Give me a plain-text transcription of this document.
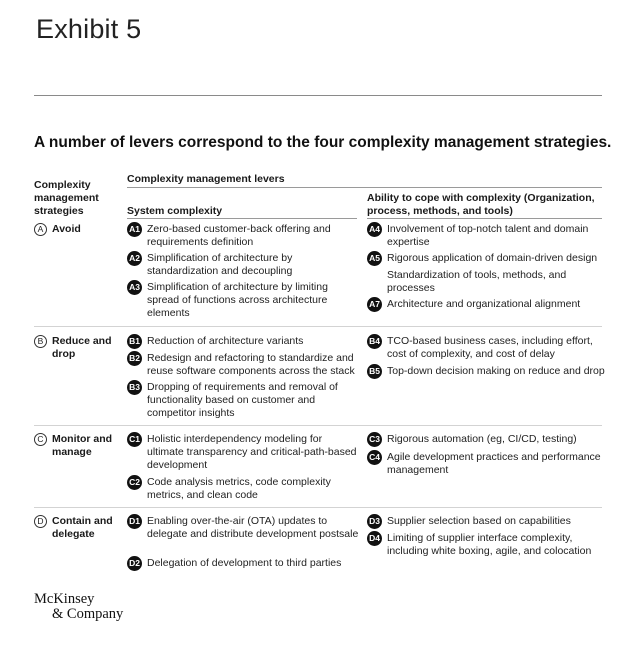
Exhibit 5
A number of levers correspond to the four complexity management strategies.
Complexity management strategies
Complexity management levers
System complexity
Ability to cope with complexity (Organization, process, methods, and tools)
A Avoid	A1 Zero-based customer-back offering and requirements definition
A2 Simplification of architecture by standardization and decoupling
A3 Simplification of architecture by limiting spread of functions across architecture elements
A4 Involvement of top-notch talent and domain expertise
A5 Rigorous application of domain-driven design
Standardization of tools, methods, and processes
A7 Architecture and organizational alignment
B Reduce and drop
B1 Reduction of architecture variants
B2 Redesign and refactoring to standardize and reuse software components across the stack
B3 Dropping of requirements and removal of functionality based on customer and competitor insights
B4 TCO-based business cases, including effort, cost of complexity, and cost of delay
B5 Top-down decision making on reduce and drop
C Monitor and manage
C1 Holistic interdependency modeling for ultimate transparency and critical-path-based development
C2 Code analysis metrics, code complexity metrics, and clean code
C3 Rigorous automation (eg, CI/CD, testing)
C4 Agile development practices and performance management
D Contain and delegate
D1 Enabling over-the-air (OTA) updates to delegate and distribute development postsale
D2 Delegation of development to third parties
D3 Supplier selection based on capabilities
D4 Limiting of supplier interface complexity, including white boxing, agile, and colocation
McKinsey
& Company
